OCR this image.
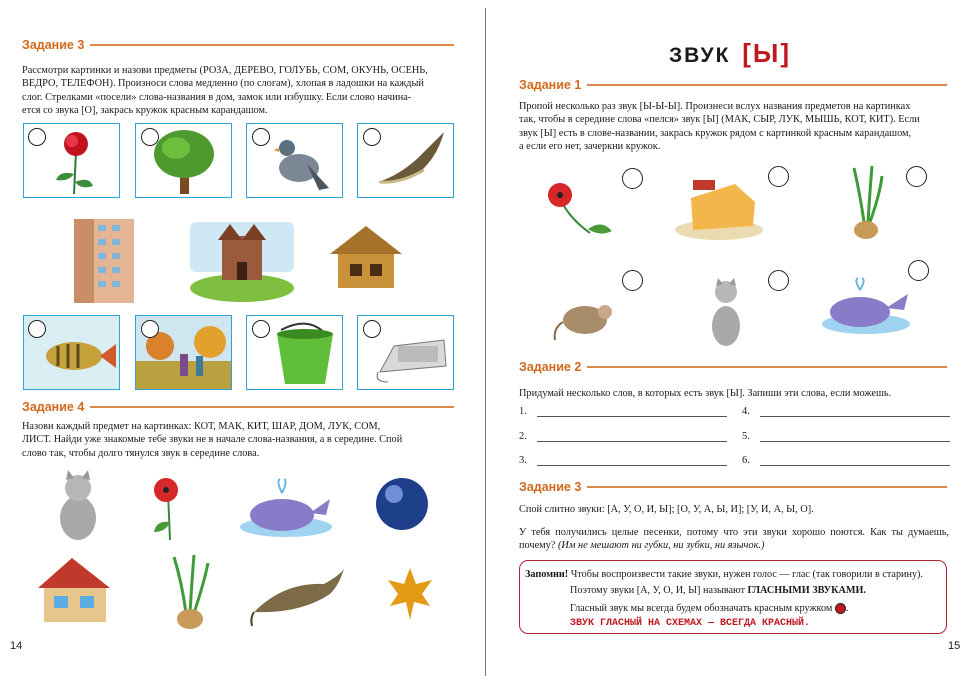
Задание 3
Рассмотри картинки и назови предметы (РОЗА, ДЕРЕВО, ГОЛУБЬ, СОМ, ОКУНЬ, ОСЕНЬ,
ВЕДРО, ТЕЛЕФОН). Произноси слова медленно (по слогам), хлопая в ладошки на каждый
слог. Стрелками «посели» слова-названия в дом, замок или избушку. Если слово начина-
ется со звука [О], закрась кружок красным карандашом.
Задание 4
Назови каждый предмет на картинках: КОТ, МАК, КИТ, ШАР, ДОМ, ЛУК, СОМ,
ЛИСТ. Найди уже знакомые тебе звуки не в начале слова-названия, а в середине. Спой
слово так, чтобы долго тянулся звук в середине слова.
14
ЗВУК [Ы]
Задание 1
Пропой несколько раз звук [Ы-Ы-Ы]. Произнеси вслух названия предметов на картинках
так, чтобы в середине слова «пелся» звук [Ы] (МАК, СЫР, ЛУК, МЫШЬ, КОТ, КИТ). Если
звук [Ы] есть в слове-названии, закрась кружок рядом с картинкой красным карандашом,
а если его нет, зачеркни кружок.
Задание 2
Придумай несколько слов, в которых есть звук [Ы]. Запиши эти слова, если можешь.
1.
2.
3.
4.
5.
6.
Задание 3
Спой слитно звуки: [А, У, О, И, Ы]; [О, У, А, Ы, И]; [У, И, А, Ы, О].
У тебя получились целые песенки, потому что эти звуки хорошо поются. Как ты думаешь, почему? (Им не мешают ни губки, ни зубки, ни язычок.)
Запомни! Чтобы воспроизвести такие звуки, нужен голос — глас (так говорили в старину).
Поэтому звуки [А, У, О, И, Ы] называют ГЛАСНЫМИ ЗВУКАМИ.
Гласный звук мы всегда будем обозначать красным кружком .
ЗВУК ГЛАСНЫЙ НА СХЕМАХ — ВСЕГДА КРАСНЫЙ.
15
